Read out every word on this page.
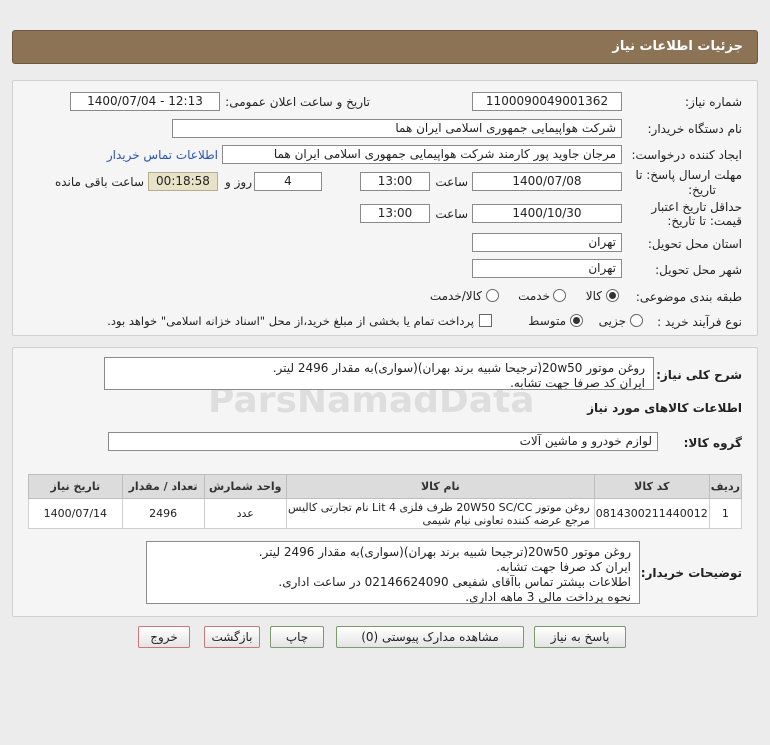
جزئیات اطلاعات نیاز
شماره نیاز:
1100090049001362
تاریخ و ساعت اعلان عمومی:
1400/07/04 - 12:13
نام دستگاه خریدار:
شرکت هواپیمایی جمهوری اسلامی ایران هما
ایجاد کننده درخواست:
مرجان جاوید پور کارمند شرکت هواپیمایی جمهوری اسلامی ایران هما
اطلاعات تماس خریدار
مهلت ارسال پاسخ: تا
تاریخ:
1400/07/08
ساعت
13:00
4
روز و
00:18:58
ساعت باقی مانده
حداقل تاریخ اعتبار
قیمت: تا تاریخ:
1400/10/30
ساعت
13:00
استان محل تحویل:
تهران
شهر محل تحویل:
تهران
طبقه بندی موضوعی:
کالا
خدمت
کالا/خدمت
نوع فرآیند خرید :
جزیی
متوسط
پرداخت تمام یا بخشی از مبلغ خرید،از محل "اسناد خزانه اسلامی" خواهد بود.
شرح کلی نیاز:
روغن موتور 20w50(ترجیحا شبیه برند بهران)(سواری)به مقدار 2496 لیتر.
ایران کد صرفا جهت تشابه.
اطلاعات کالاهای مورد نیاز
گروه کالا:
لوازم خودرو و ماشین آلات
ردیف	کد کالا	نام کالا	واحد شمارش	تعداد / مقدار	تاریخ نیاز
1	0814300211440012	روغن موتور 20W50 SC/CC ظرف فلزی 4 Lit نام تجارتی کاليس
مرجع عرضه کننده تعاونی نیام شیمی	عدد	2496	1400/07/14
توضیحات خریدار:
روغن موتور 20w50(ترجیحا شبیه برند بهران)(سواری)به مقدار 2496 لیتر.
ایران کد صرفا جهت تشابه.
اطلاعات بیشتر تماس باآقای شفیعی 02146624090 در ساعت اداری.
نحوه پرداخت مالی 3 ماهه اداری.
پاسخ به نیاز
مشاهده مدارک پیوستی (0)
چاپ
بازگشت
خروج
